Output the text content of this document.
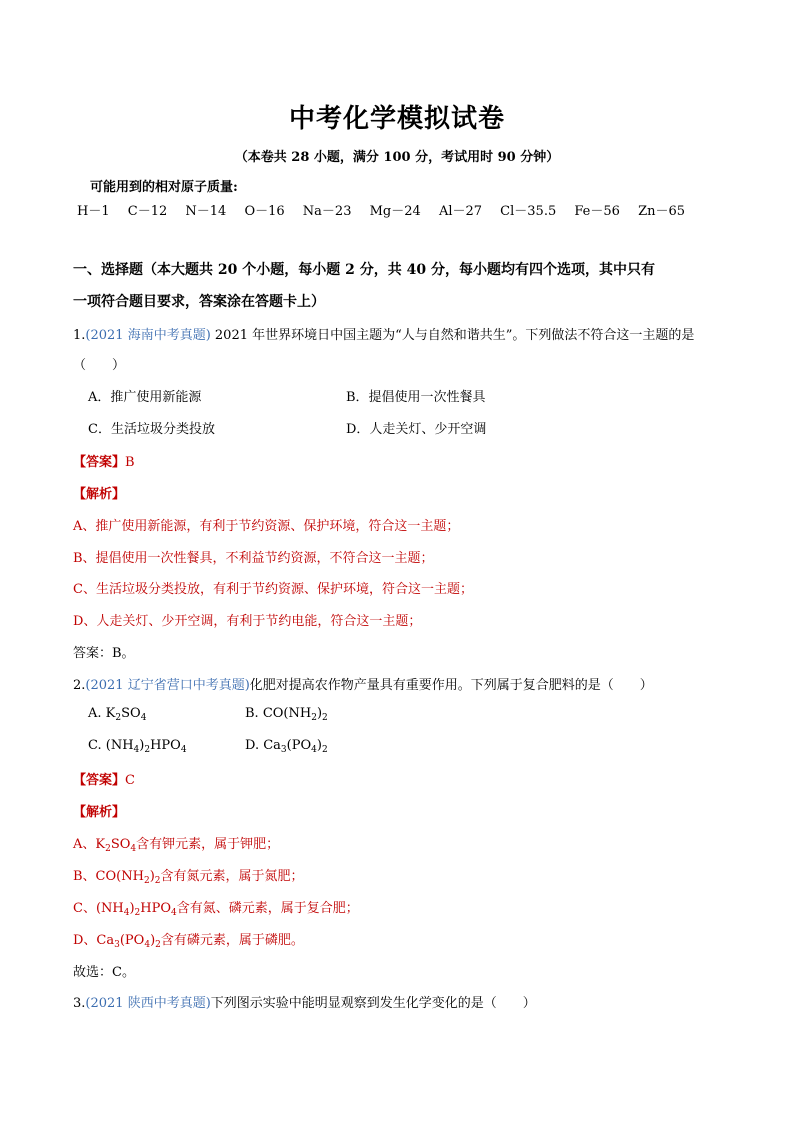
中考化学模拟试卷
（本卷共 28 小题，满分 100 分，考试用时 90 分钟）
可能用到的相对原子质量:
H－1 C－12 N－14 O－16 Na－23 Mg－24 Al－27 Cl－35.5 Fe－56 Zn－65
一、选择题（本大题共 20 个小题，每小题 2 分，共 40 分，每小题均有四个选项，其中只有
一项符合题目要求，答案涂在答题卡上）
1.(2021 海南中考真题) 2021 年世界环境日中国主题为“人与自然和谐共生”。下列做法不符合这一主题的是
（　　）
A．推广使用新能源	B．提倡使用一次性餐具
C．生活垃圾分类投放	D．人走关灯、少开空调
【答案】B
【解析】
A、推广使用新能源，有利于节约资源、保护环境，符合这一主题；
B、提倡使用一次性餐具，不利益节约资源，不符合这一主题；
C、生活垃圾分类投放，有利于节约资源、保护环境，符合这一主题；
D、人走关灯、少开空调，有利于节约电能，符合这一主题；
答案：B。
2.(2021 辽宁省营口中考真题)化肥对提高农作物产量具有重要作用。下列属于复合肥料的是（　　）
A. $K_2SO_4$	B. $CO(NH_2)_2$
C. $(NH_4)_2HPO_4$	D. $Ca_3(PO_4)_2$
【答案】C
【解析】
A、$K_2SO_4$含有钾元素，属于钾肥；
B、$CO(NH_2)_2$含有氮元素，属于氮肥；
C、$(NH_4)_2HPO_4$含有氮、磷元素，属于复合肥；
D、$Ca_3(PO_4)_2$含有磷元素，属于磷肥。
故选：C。
3.(2021 陕西中考真题)下列图示实验中能明显观察到发生化学变化的是（　　）
